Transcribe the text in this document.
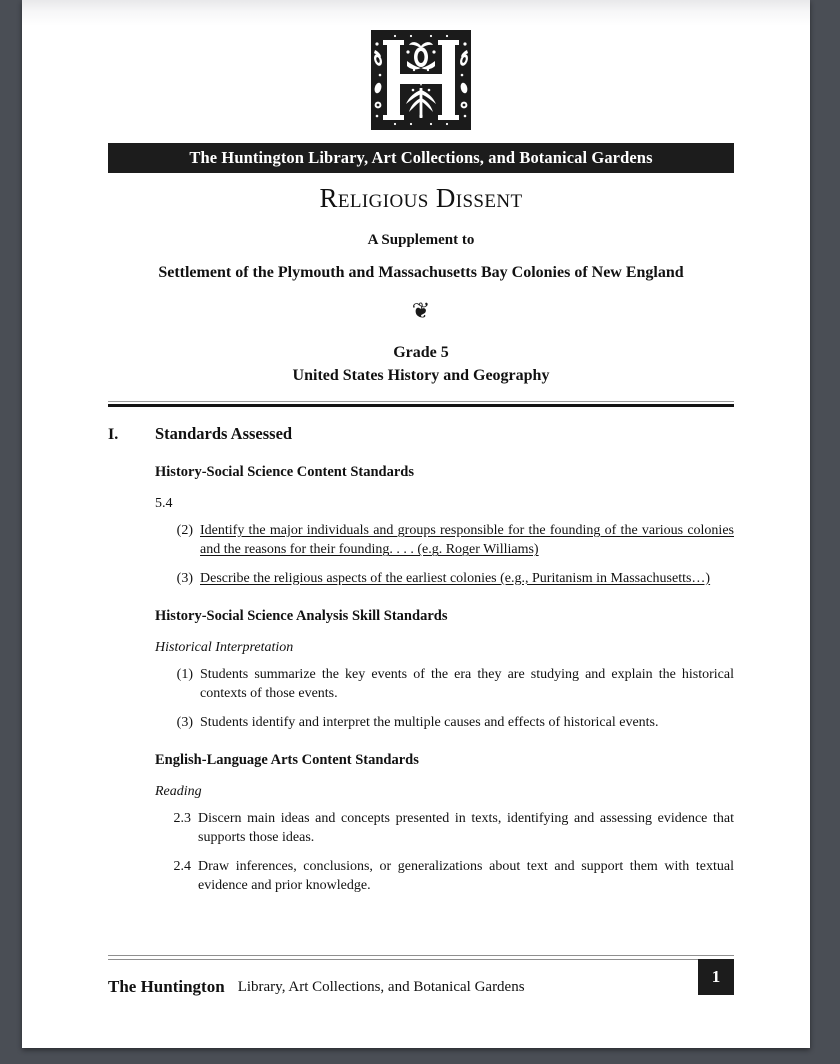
The Huntington Library, Art Collections, and Botanical Gardens
Religious Dissent
A Supplement to
Settlement of the Plymouth and Massachusetts Bay Colonies of New England
❦
Grade 5
United States History and Geography
I.	Standards Assessed
History-Social Science Content Standards
5.4
(2) Identify the major individuals and groups responsible for the founding of the various colonies and the reasons for their founding. . . . (e.g. Roger Williams)
(3) Describe the religious aspects of the earliest colonies (e.g., Puritanism in Massachusetts…)
History-Social Science Analysis Skill Standards
Historical Interpretation
(1) Students summarize the key events of the era they are studying and explain the historical contexts of those events.
(3) Students identify and interpret the multiple causes and effects of historical events.
English-Language Arts Content Standards
Reading
2.3 Discern main ideas and concepts presented in texts, identifying and assessing evidence that supports those ideas.
2.4 Draw inferences, conclusions, or generalizations about text and support them with textual evidence and prior knowledge.
The Huntington Library, Art Collections, and Botanical Gardens
1
